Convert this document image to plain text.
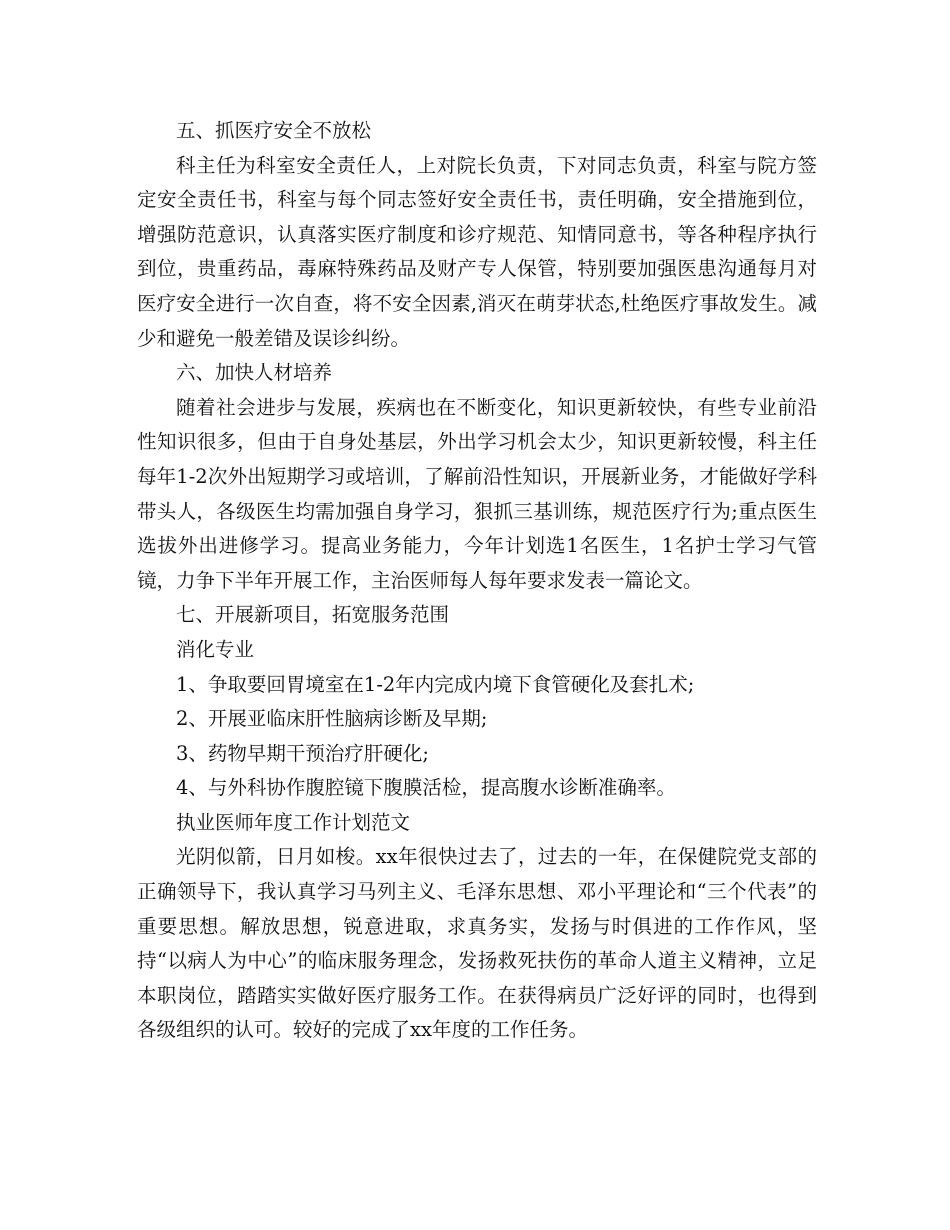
五、抓医疗安全不放松

科主任为科室安全责任人，上对院长负责，下对同志负责，科室与院方签定安全责任书，科室与每个同志签好安全责任书，责任明确，安全措施到位，增强防范意识，认真落实医疗制度和诊疗规范、知情同意书，等各种程序执行到位，贵重药品，毒麻特殊药品及财产专人保管，特别要加强医患沟通每月对医疗安全进行一次自查，将不安全因素,消灭在萌芽状态,杜绝医疗事故发生。减少和避免一般差错及误诊纠纷。

六、加快人材培养

随着社会进步与发展，疾病也在不断变化，知识更新较快，有些专业前沿性知识很多，但由于自身处基层，外出学习机会太少，知识更新较慢，科主任每年1-2次外出短期学习或培训，了解前沿性知识，开展新业务，才能做好学科带头人，各级医生均需加强自身学习，狠抓三基训练，规范医疗行为;重点医生选拔外出进修学习。提高业务能力，今年计划选1名医生，1名护士学习气管镜，力争下半年开展工作，主治医师每人每年要求发表一篇论文。

七、开展新项目，拓宽服务范围

消化专业

1、争取要回胃境室在1-2年内完成内境下食管硬化及套扎术;

2、开展亚临床肝性脑病诊断及早期;

3、药物早期干预治疗肝硬化;

4、与外科协作腹腔镜下腹膜活检，提高腹水诊断准确率。

执业医师年度工作计划范文

光阴似箭，日月如梭。xx年很快过去了，过去的一年，在保健院党支部的正确领导下，我认真学习马列主义、毛泽东思想、邓小平理论和“三个代表”的重要思想。解放思想，锐意进取，求真务实，发扬与时俱进的工作作风，坚持“以病人为中心”的临床服务理念，发扬救死扶伤的革命人道主义精神，立足本职岗位，踏踏实实做好医疗服务工作。在获得病员广泛好评的同时，也得到各级组织的认可。较好的完成了xx年度的工作任务。
